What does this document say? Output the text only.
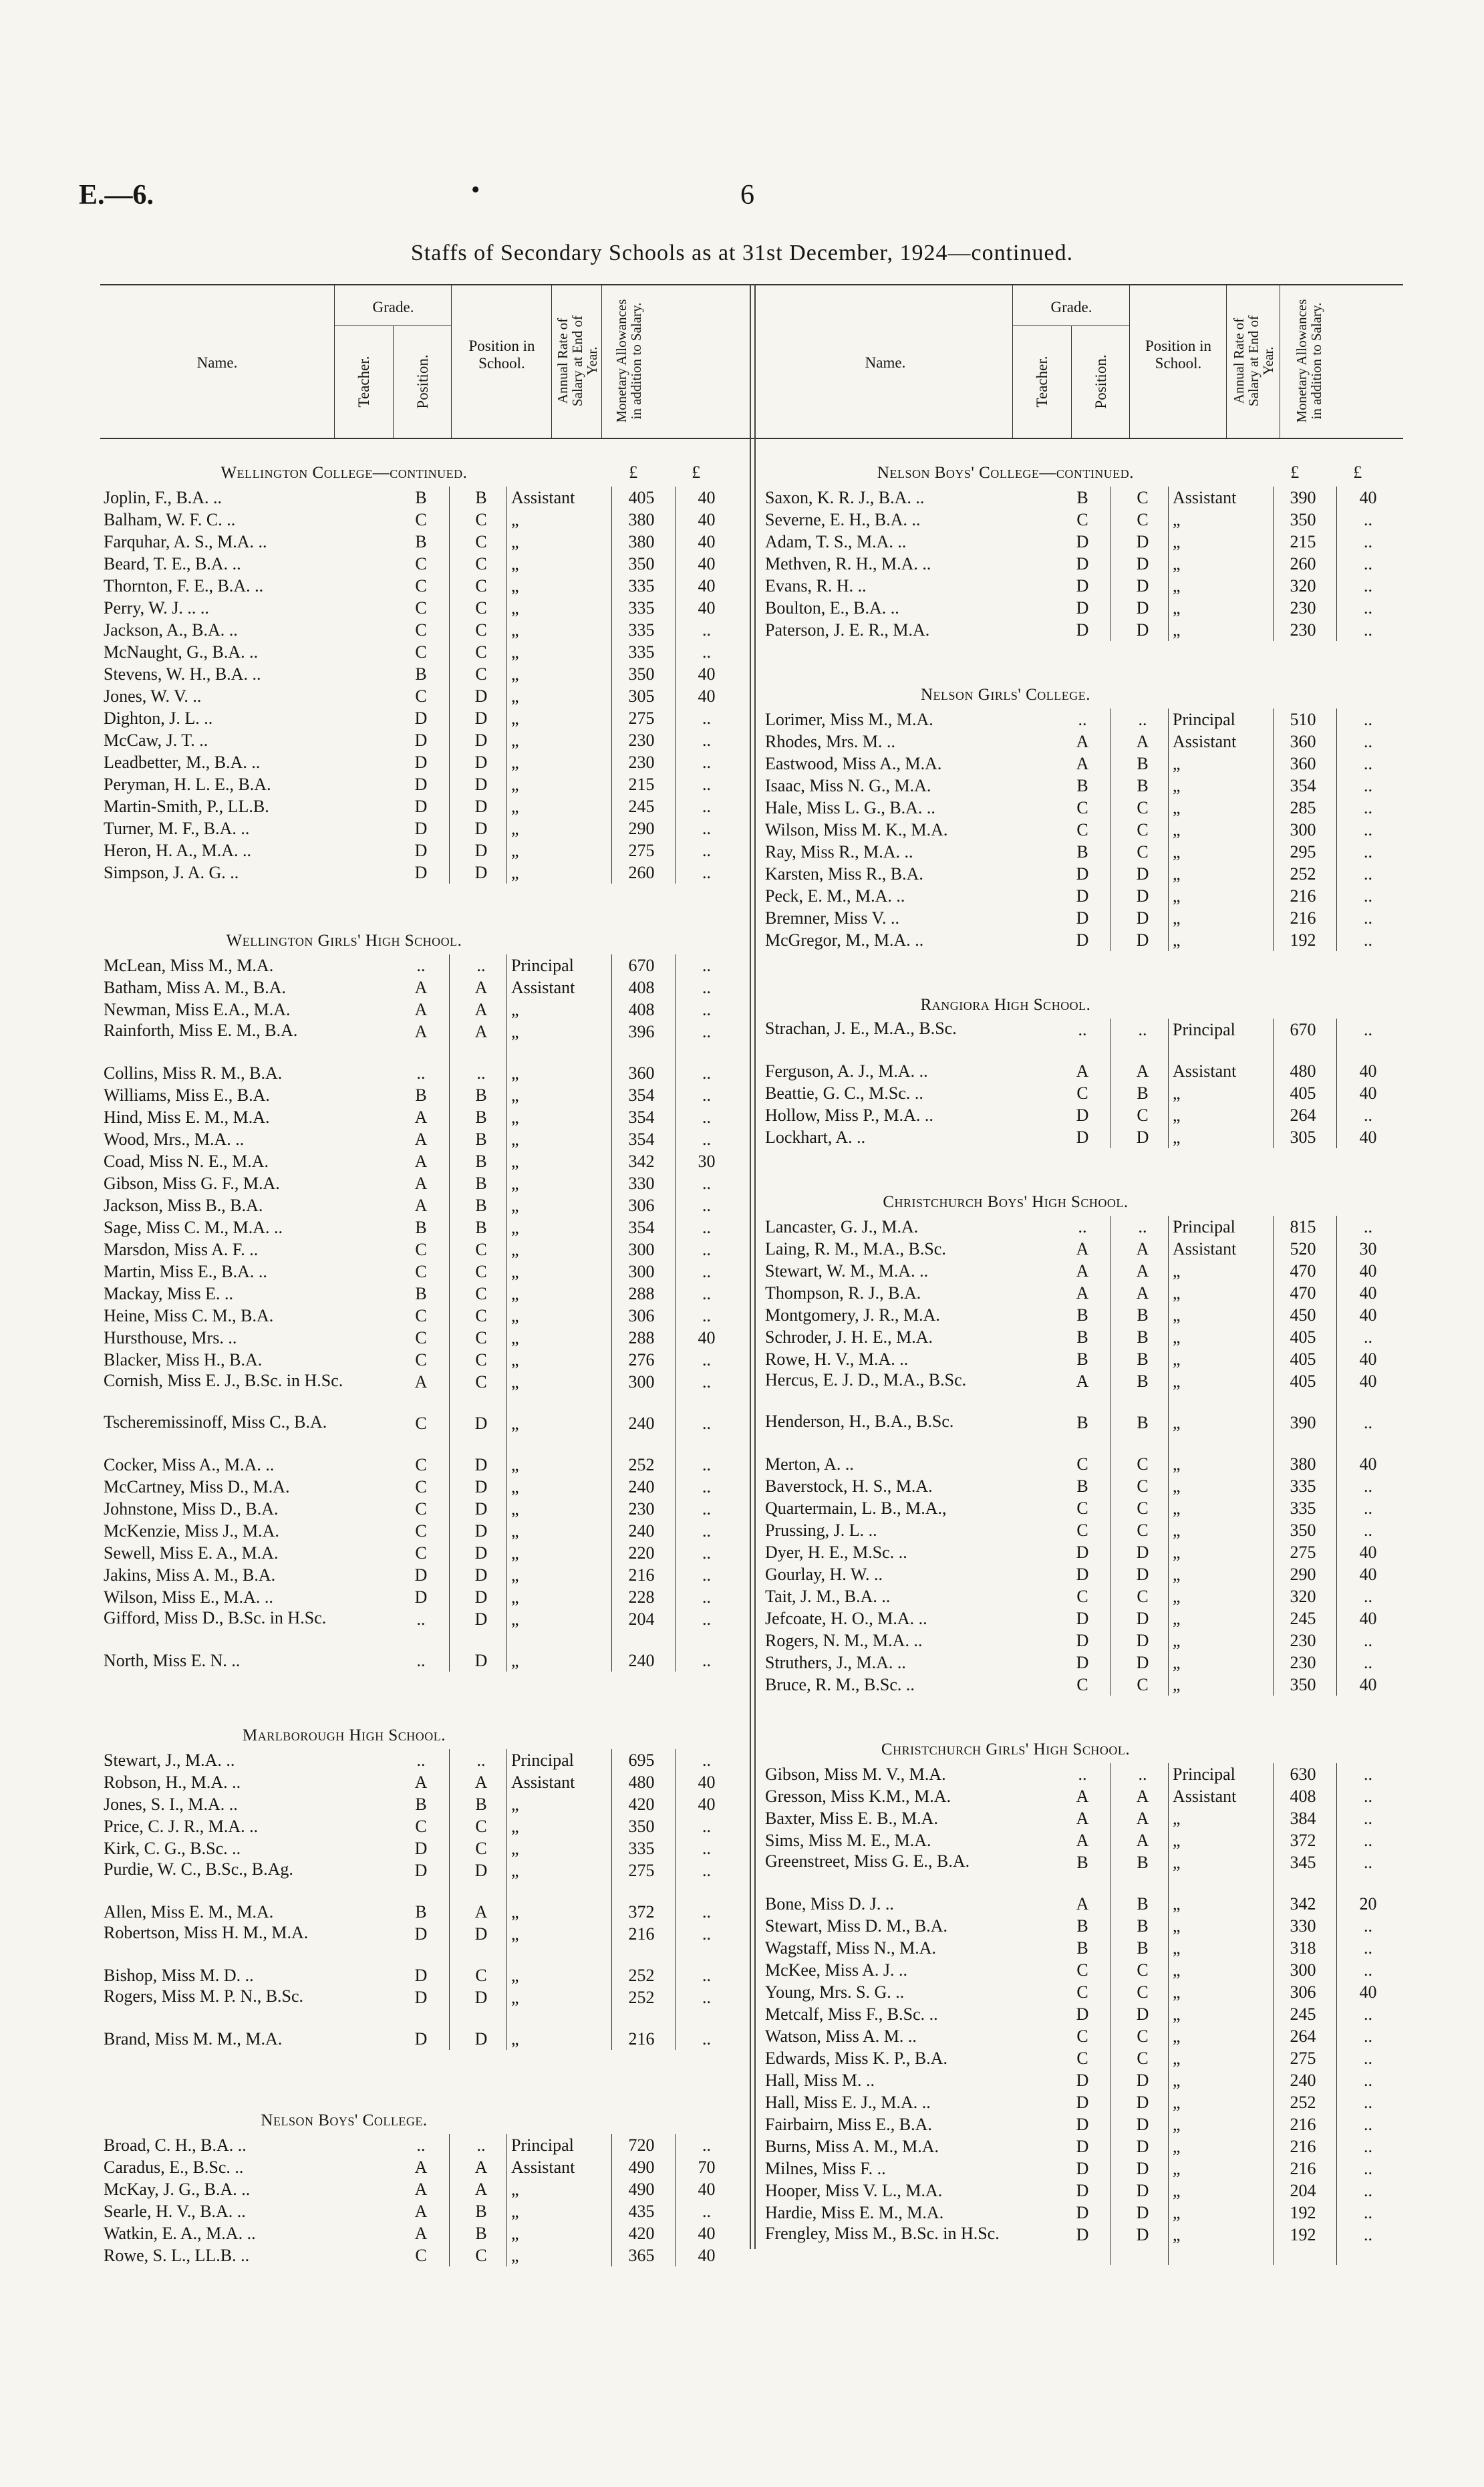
E.—6.	•	6
Staffs of Secondary Schools as at 31st December, 1924—continued.
Name.
Grade.
Teacher.	Position.
Position in School.	Annual Rate of Salary at End of Year. Monetary Allowances in addition to Salary.	Name.
Grade.
Teacher.	Position.
Position in School.	Annual Rate of Salary at End of Year. Monetary Allowances in addition to Salary.
Wellington College—continued.	£	£
Joplin, F., B.A. ..	B	B	Assistant	405	40
Balham, W. F. C. ..	C	C	„	380	40
Farquhar, A. S., M.A. ..	B	C	„	380	40
Beard, T. E., B.A. ..	C	C	„	350	40
Thornton, F. E., B.A. ..	C	C	„	335	40
Perry, W. J. .. ..	C	C	„	335	40
Jackson, A., B.A. ..	C	C	„	335	..
McNaught, G., B.A. ..	C	C	„	335	..
Stevens, W. H., B.A. ..	B	C	„	350	40
Jones, W. V. ..	C	D	„	305	40
Dighton, J. L. ..	D	D	„	275	..
McCaw, J. T. ..	D	D	„	230	..
Leadbetter, M., B.A. ..	D	D	„	230	..
Peryman, H. L. E., B.A.	D	D	„	215	..
Martin-Smith, P., LL.B.	D	D	„	245	..
Turner, M. F., B.A. ..	D	D	„	290	..
Heron, H. A., M.A. ..	D	D	„	275	..
Simpson, J. A. G. ..	D	D	„	260	..
Wellington Girls' High School.
McLean, Miss M., M.A.	..	..	Principal	670	..
Batham, Miss A. M., B.A.	A	A	Assistant	408	..
Newman, Miss E.A., M.A.	A	A	„	408	..
Rainforth, Miss E. M., B.A.	A	A	„	396	..
Collins, Miss R. M., B.A.	..	..	„	360	..
Williams, Miss E., B.A.	B	B	„	354	..
Hind, Miss E. M., M.A.	A	B	„	354	..
Wood, Mrs., M.A. ..	A	B	„	354	..
Coad, Miss N. E., M.A.	A	B	„	342	30
Gibson, Miss G. F., M.A.	A	B	„	330	..
Jackson, Miss B., B.A.	A	B	„	306	..
Sage, Miss C. M., M.A. ..	B	B	„	354	..
Marsdon, Miss A. F. ..	C	C	„	300	..
Martin, Miss E., B.A. ..	C	C	„	300	..
Mackay, Miss E. ..	B	C	„	288	..
Heine, Miss C. M., B.A.	C	C	„	306	..
Hursthouse, Mrs. ..	C	C	„	288	40
Blacker, Miss H., B.A.	C	C	„	276	..
Cornish, Miss E. J., B.Sc. in H.Sc.	A	C	„	300	..
Tscheremissinoff, Miss C., B.A.	C	D	„	240	..
Cocker, Miss A., M.A. ..	C	D	„	252	..
McCartney, Miss D., M.A.	C	D	„	240	..
Johnstone, Miss D., B.A.	C	D	„	230	..
McKenzie, Miss J., M.A.	C	D	„	240	..
Sewell, Miss E. A., M.A.	C	D	„	220	..
Jakins, Miss A. M., B.A.	D	D	„	216	..
Wilson, Miss E., M.A. ..	D	D	„	228	..
Gifford, Miss D., B.Sc. in H.Sc.	..	D	„	204	..
North, Miss E. N. ..	..	D	„	240	..
Marlborough High School.
Stewart, J., M.A. ..	..	..	Principal	695	..
Robson, H., M.A. ..	A	A	Assistant	480	40
Jones, S. I., M.A. ..	B	B	„	420	40
Price, C. J. R., M.A. ..	C	C	„	350	..
Kirk, C. G., B.Sc. ..	D	C	„	335	..
Purdie, W. C., B.Sc., B.Ag.	D	D	„	275	..
Allen, Miss E. M., M.A.	B	A	„	372	..
Robertson, Miss H. M., M.A.	D	D	„	216	..
Bishop, Miss M. D. ..	D	C	„	252	..
Rogers, Miss M. P. N., B.Sc.	D	D	„	252	..
Brand, Miss M. M., M.A.	D	D	„	216	..
Nelson Boys' College.
Broad, C. H., B.A. ..	..	..	Principal	720	..
Caradus, E., B.Sc. ..	A	A	Assistant	490	70
McKay, J. G., B.A. ..	A	A	„	490	40
Searle, H. V., B.A. ..	A	B	„	435	..
Watkin, E. A., M.A. ..	A	B	„	420	40
Rowe, S. L., LL.B. ..	C	C	„	365	40
Nelson Boys' College—continued.	£	£
Saxon, K. R. J., B.A. ..	B	C	Assistant	390	40
Severne, E. H., B.A. ..	C	C	„	350	..
Adam, T. S., M.A. ..	D	D	„	215	..
Methven, R. H., M.A. ..	D	D	„	260	..
Evans, R. H. ..	D	D	„	320	..
Boulton, E., B.A. ..	D	D	„	230	..
Paterson, J. E. R., M.A.	D	D	„	230	..
Nelson Girls' College.
Lorimer, Miss M., M.A.	..	..	Principal	510	..
Rhodes, Mrs. M. ..	A	A	Assistant	360	..
Eastwood, Miss A., M.A.	A	B	„	360	..
Isaac, Miss N. G., M.A.	B	B	„	354	..
Hale, Miss L. G., B.A. ..	C	C	„	285	..
Wilson, Miss M. K., M.A.	C	C	„	300	..
Ray, Miss R., M.A. ..	B	C	„	295	..
Karsten, Miss R., B.A.	D	D	„	252	..
Peck, E. M., M.A. ..	D	D	„	216	..
Bremner, Miss V. ..	D	D	„	216	..
McGregor, M., M.A. ..	D	D	„	192	..
Rangiora High School.
Strachan, J. E., M.A., B.Sc.	..	..	Principal	670	..
Ferguson, A. J., M.A. ..	A	A	Assistant	480	40
Beattie, G. C., M.Sc. ..	C	B	„	405	40
Hollow, Miss P., M.A. ..	D	C	„	264	..
Lockhart, A. ..	D	D	„	305	40
Christchurch Boys' High School.
Lancaster, G. J., M.A.	..	..	Principal	815	..
Laing, R. M., M.A., B.Sc.	A	A	Assistant	520	30
Stewart, W. M., M.A. ..	A	A	„	470	40
Thompson, R. J., B.A.	A	A	„	470	40
Montgomery, J. R., M.A.	B	B	„	450	40
Schroder, J. H. E., M.A.	B	B	„	405	..
Rowe, H. V., M.A. ..	B	B	„	405	40
Hercus, E. J. D., M.A., B.Sc.	A	B	„	405	40
Henderson, H., B.A., B.Sc.	B	B	„	390	..
Merton, A. ..	C	C	„	380	40
Baverstock, H. S., M.A.	B	C	„	335	..
Quartermain, L. B., M.A.,	C	C	„	335	..
Prussing, J. L. ..	C	C	„	350	..
Dyer, H. E., M.Sc. ..	D	D	„	275	40
Gourlay, H. W. ..	D	D	„	290	40
Tait, J. M., B.A. ..	C	C	„	320	..
Jefcoate, H. O., M.A. ..	D	D	„	245	40
Rogers, N. M., M.A. ..	D	D	„	230	..
Struthers, J., M.A. ..	D	D	„	230	..
Bruce, R. M., B.Sc. ..	C	C	„	350	40
Christchurch Girls' High School.
Gibson, Miss M. V., M.A.	..	..	Principal	630	..
Gresson, Miss K.M., M.A.	A	A	Assistant	408	..
Baxter, Miss E. B., M.A.	A	A	„	384	..
Sims, Miss M. E., M.A.	A	A	„	372	..
Greenstreet, Miss G. E., B.A.	B	B	„	345	..
Bone, Miss D. J. ..	A	B	„	342	20
Stewart, Miss D. M., B.A.	B	B	„	330	..
Wagstaff, Miss N., M.A.	B	B	„	318	..
McKee, Miss A. J. ..	C	C	„	300	..
Young, Mrs. S. G. ..	C	C	„	306	40
Metcalf, Miss F., B.Sc. ..	D	D	„	245	..
Watson, Miss A. M. ..	C	C	„	264	..
Edwards, Miss K. P., B.A.	C	C	„	275	..
Hall, Miss M. ..	D	D	„	240	..
Hall, Miss E. J., M.A. ..	D	D	„	252	..
Fairbairn, Miss E., B.A.	D	D	„	216	..
Burns, Miss A. M., M.A.	D	D	„	216	..
Milnes, Miss F. ..	D	D	„	216	..
Hooper, Miss V. L., M.A.	D	D	„	204	..
Hardie, Miss E. M., M.A.	D	D	„	192	..
Frengley, Miss M., B.Sc. in H.Sc.	D	D	„	192	..
